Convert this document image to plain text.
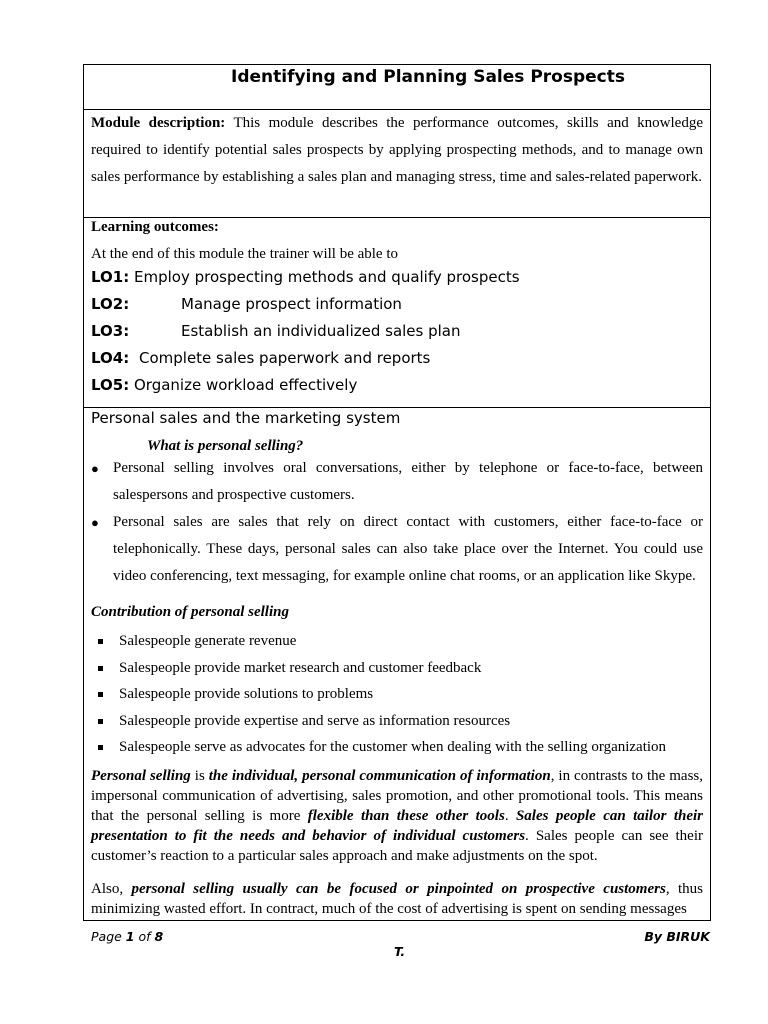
Identifying and Planning Sales Prospects

Module description: This module describes the performance outcomes, skills and knowledge required to identify potential sales prospects by applying prospecting methods, and to manage own sales performance by establishing a sales plan and managing stress, time and sales-related paperwork.

Learning outcomes:

At the end of this module the trainer will be able to

LO1: Employ prospecting methods and qualify prospects

LO2:	Manage prospect information

LO3:	Establish an individualized sales plan

LO4: Complete sales paperwork and reports

LO5: Organize workload effectively

Personal sales and the marketing system

What is personal selling?

● Personal selling involves oral conversations, either by telephone or face-to-face, between salespersons and prospective customers.
● Personal sales are sales that rely on direct contact with customers, either face-to-face or telephonically. These days, personal sales can also take place over the Internet. You could use video conferencing, text messaging, for example online chat rooms, or an application like Skype.

Contribution of personal selling

Salespeople generate revenue
Salespeople provide market research and customer feedback
Salespeople provide solutions to problems
Salespeople provide expertise and serve as information resources
Salespeople serve as advocates for the customer when dealing with the selling organization

Personal selling is the individual, personal communication of information, in contrasts to the mass, impersonal communication of advertising, sales promotion, and other promotional tools. This means that the personal selling is more flexible than these other tools. Sales people can tailor their presentation to fit the needs and behavior of individual customers. Sales people can see their customer’s reaction to a particular sales approach and make adjustments on the spot.

Also, personal selling usually can be focused or pinpointed on prospective customers, thus minimizing wasted effort. In contract, much of the cost of advertising is spent on sending messages

Page 1 of 8	By BIRUK
T.
